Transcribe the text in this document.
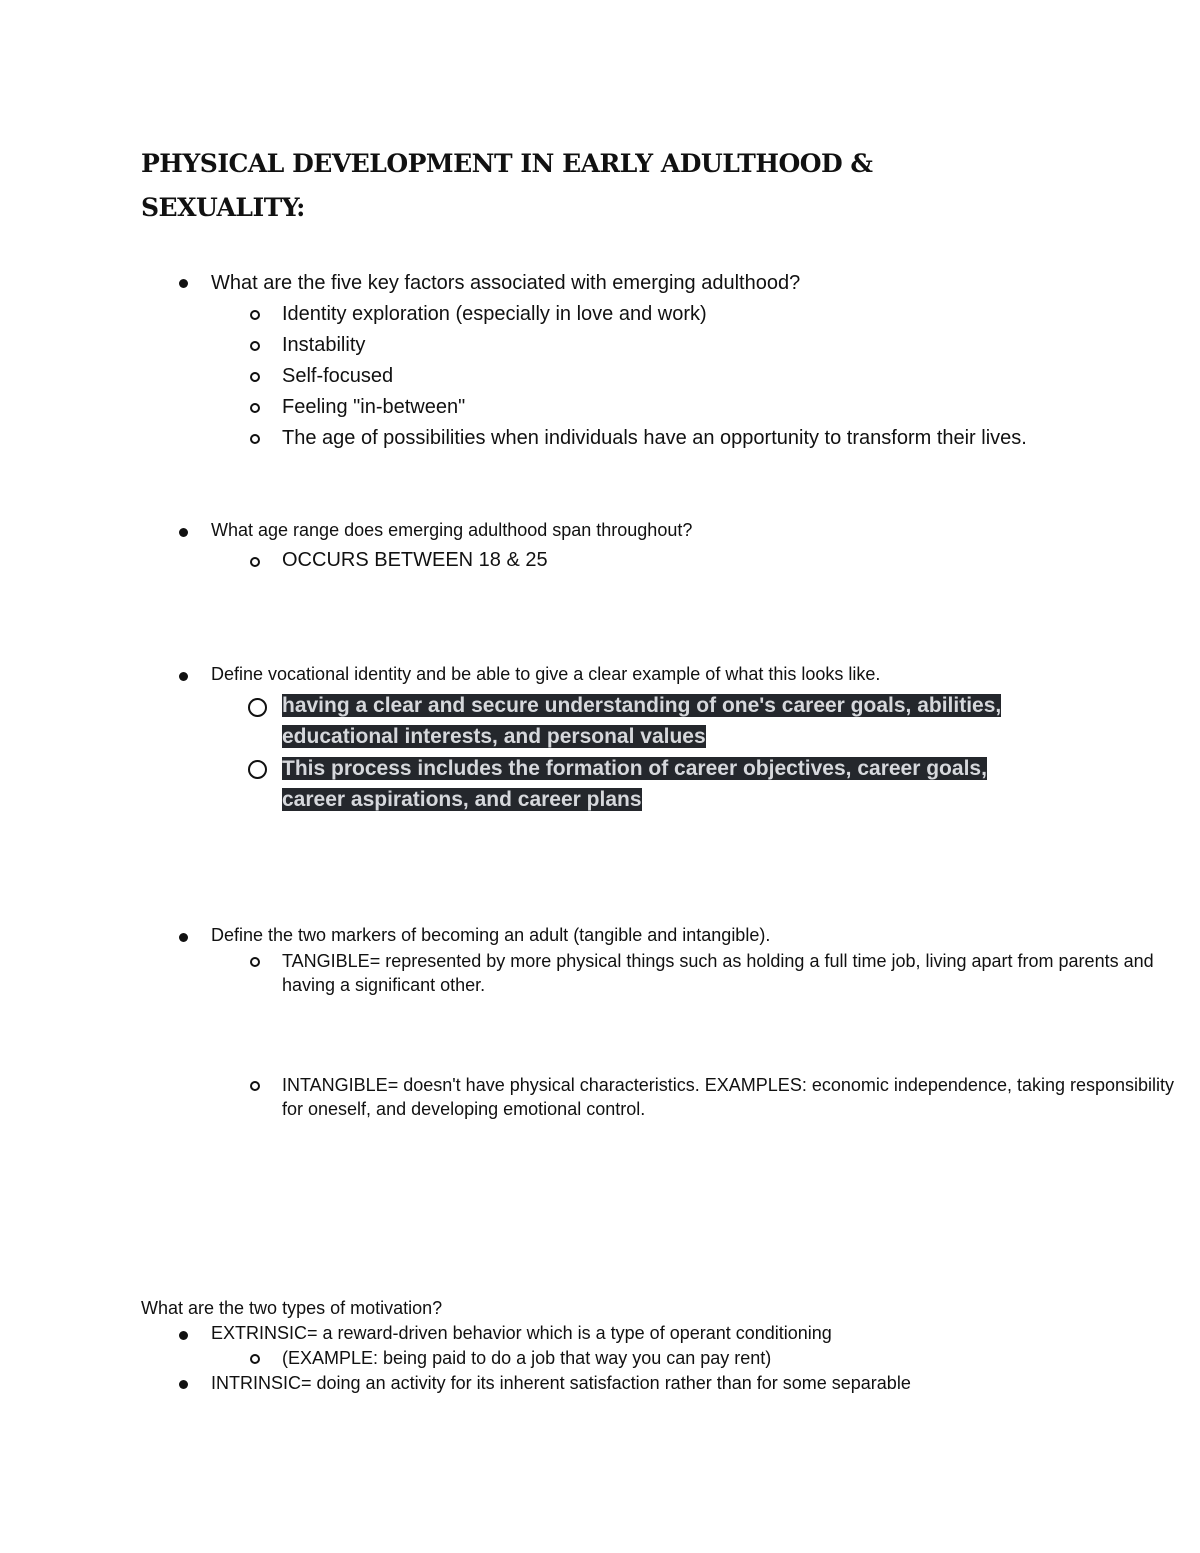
PHYSICAL DEVELOPMENT IN EARLY ADULTHOOD & SEXUALITY:

What are the five key factors associated with emerging adulthood?

Identity exploration (especially in love and work)

Instability

Self-focused

Feeling "in-between"

The age of possibilities when individuals have an opportunity to transform their lives.

What age range does emerging adulthood span throughout?

OCCURS BETWEEN 18 & 25

Define vocational identity and be able to give a clear example of what this looks like.

having a clear and secure understanding of one's career goals, abilities, educational interests, and personal values

This process includes the formation of career objectives, career goals, career aspirations, and career plans

Define the two markers of becoming an adult (tangible and intangible).

TANGIBLE= represented by more physical things such as holding a full time job, living apart from parents and having a significant other.

INTANGIBLE= doesn't have physical characteristics. EXAMPLES: economic independence, taking responsibility for oneself, and developing emotional control.

What are the two types of motivation?

EXTRINSIC= a reward-driven behavior which is a type of operant conditioning

(EXAMPLE: being paid to do a job that way you can pay rent)

INTRINSIC= doing an activity for its inherent satisfaction rather than for some separable
